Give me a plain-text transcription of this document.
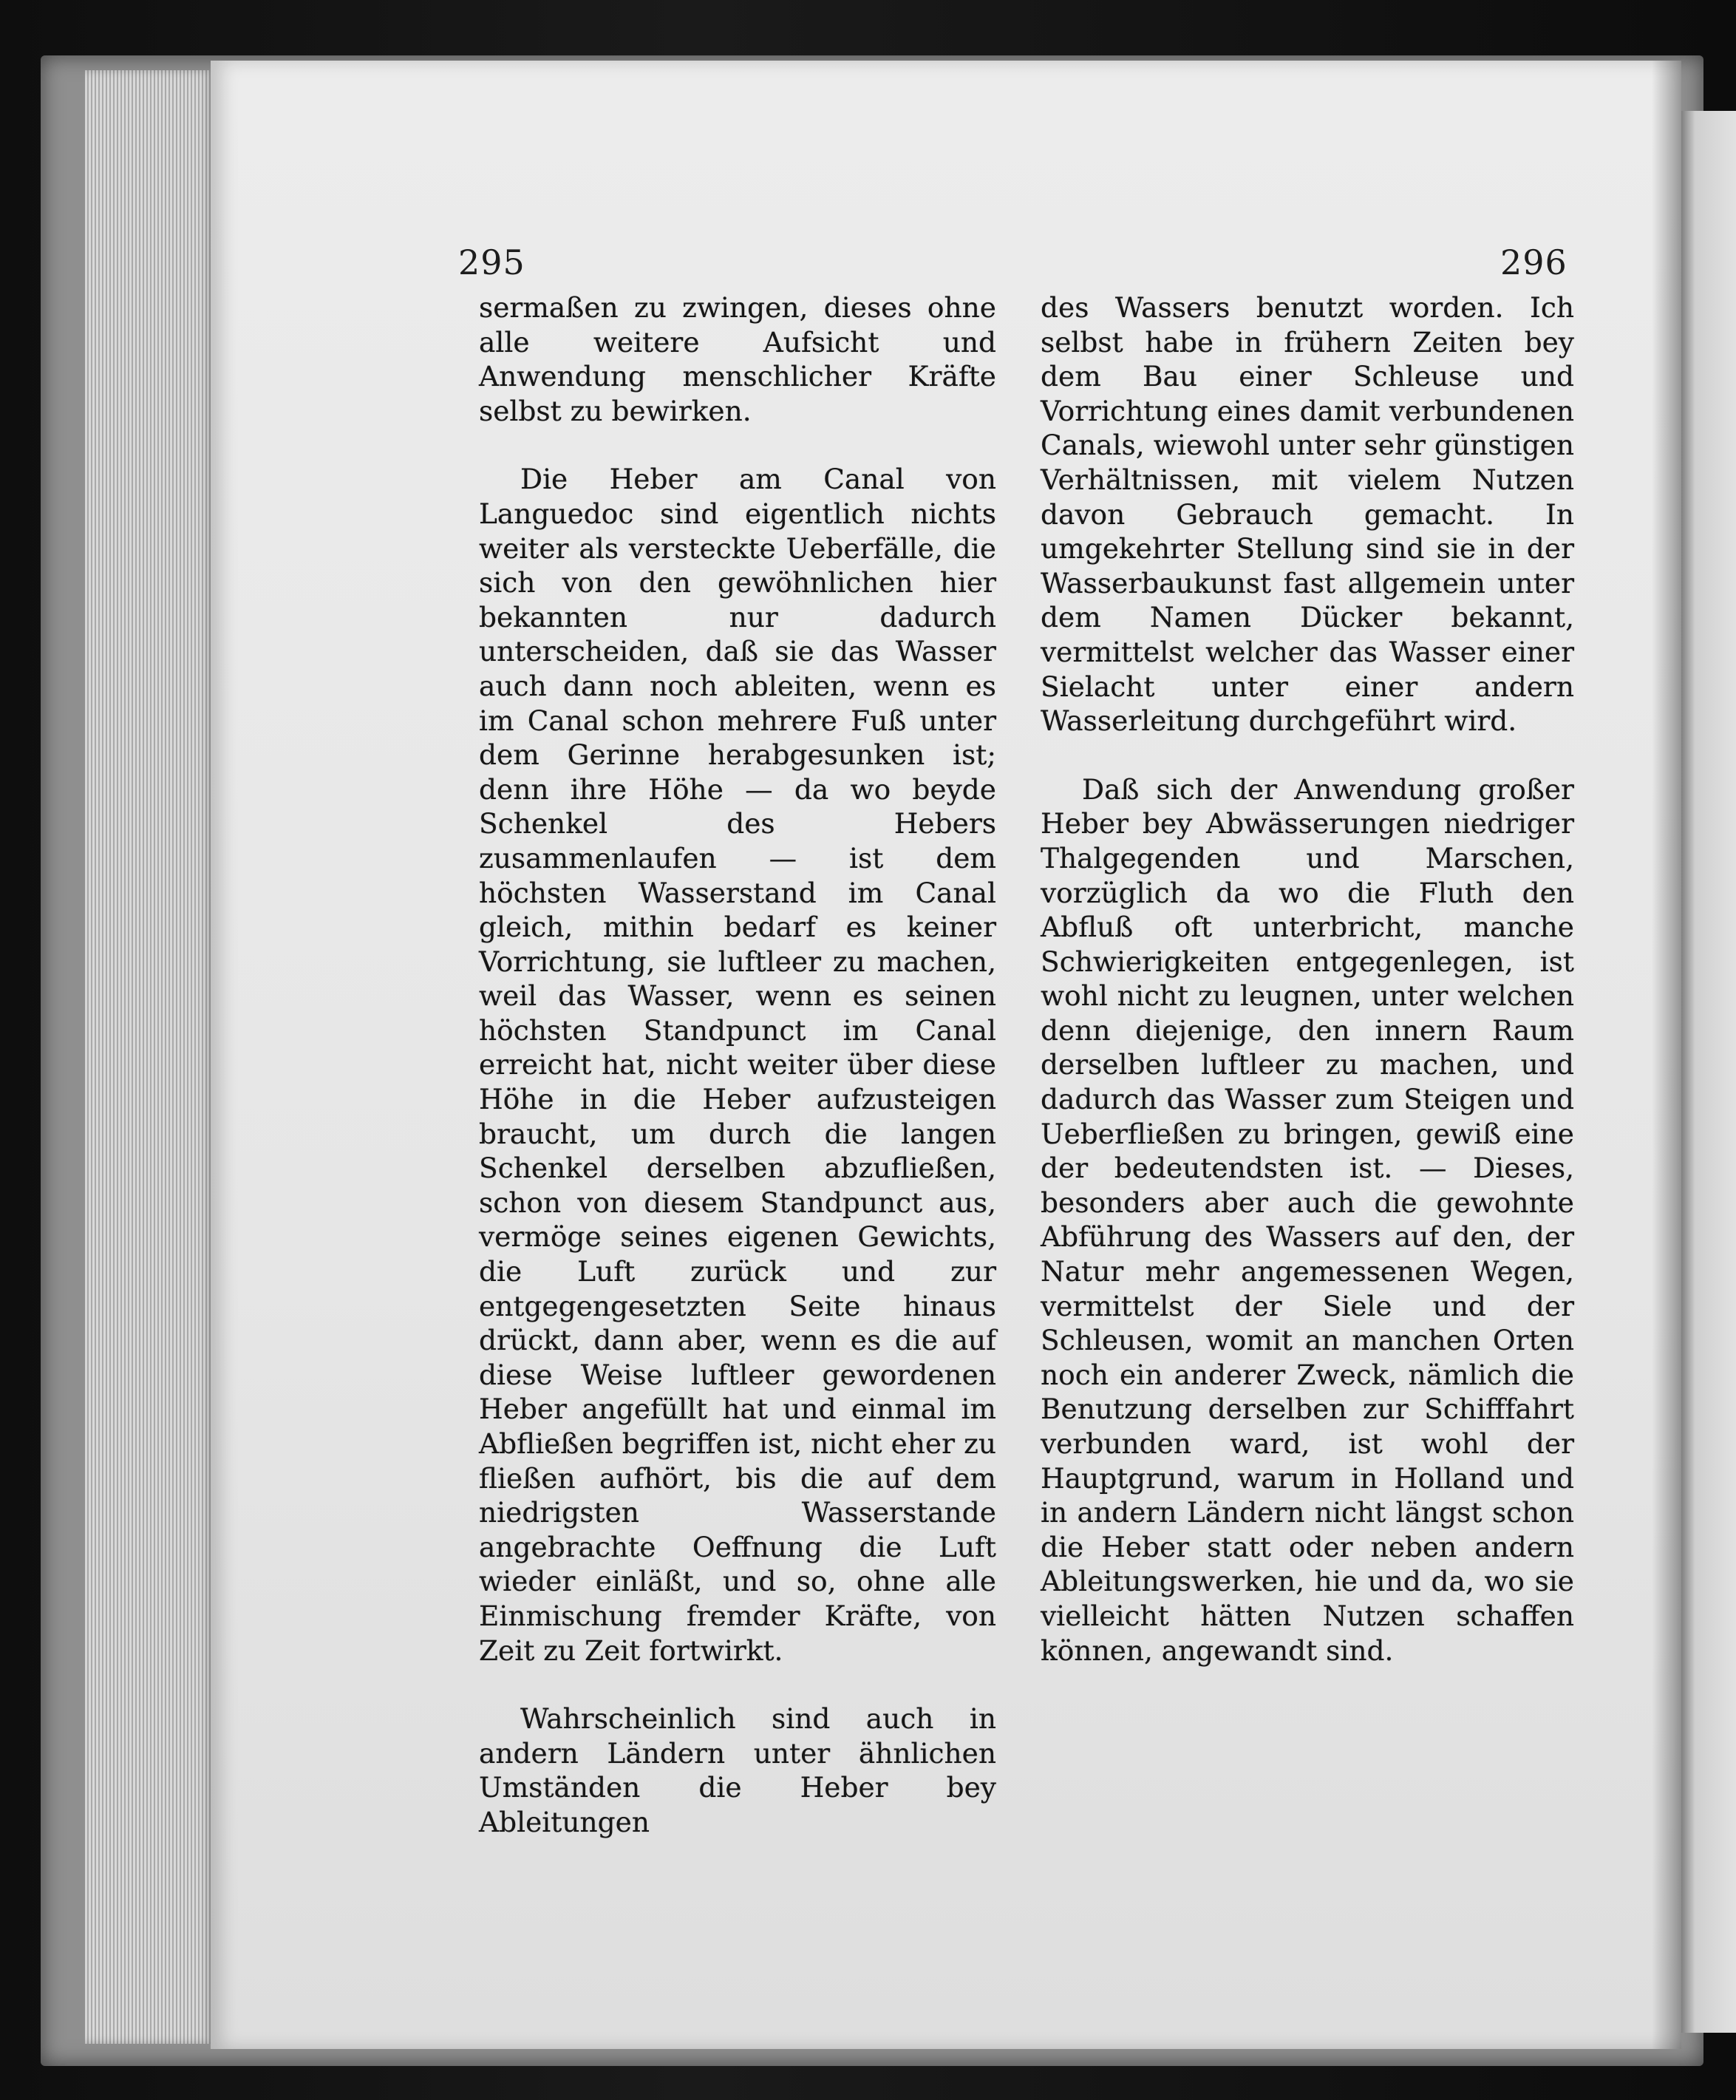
295	296

sermaßen zu zwingen, dieses ohne alle weitere Aufsicht und Anwendung menschlicher Kräfte selbst zu bewirken.

Die Heber am Canal von Languedoc sind eigentlich nichts weiter als versteckte Ueberfälle, die sich von den gewöhnlichen hier bekannten nur dadurch unterscheiden, daß sie das Wasser auch dann noch ableiten, wenn es im Canal schon mehrere Fuß unter dem Gerinne herabgesunken ist; denn ihre Höhe — da wo beyde Schenkel des Hebers zusammenlaufen — ist dem höchsten Wasserstand im Canal gleich, mithin bedarf es keiner Vorrichtung, sie luftleer zu machen, weil das Wasser, wenn es seinen höchsten Standpunct im Canal erreicht hat, nicht weiter über diese Höhe in die Heber aufzusteigen braucht, um durch die langen Schenkel derselben abzufließen, schon von diesem Standpunct aus, vermöge seines eigenen Gewichts, die Luft zurück und zur entgegengesetzten Seite hinaus drückt, dann aber, wenn es die auf diese Weise luftleer gewordenen Heber angefüllt hat und einmal im Abfließen begriffen ist, nicht eher zu fließen aufhört, bis die auf dem niedrigsten Wasserstande angebrachte Oeffnung die Luft wieder einläßt, und so, ohne alle Einmischung fremder Kräfte, von Zeit zu Zeit fortwirkt.

Wahrscheinlich sind auch in andern Ländern unter ähnlichen Umständen die Heber bey Ableitungen

des Wassers benutzt worden. Ich selbst habe in frühern Zeiten bey dem Bau einer Schleuse und Vorrichtung eines damit verbundenen Canals, wiewohl unter sehr günstigen Verhältnissen, mit vielem Nutzen davon Gebrauch gemacht. In umgekehrter Stellung sind sie in der Wasserbaukunst fast allgemein unter dem Namen Dücker bekannt, vermittelst welcher das Wasser einer Sielacht unter einer andern Wasserleitung durchgeführt wird.

Daß sich der Anwendung großer Heber bey Abwässerungen niedriger Thalgegenden und Marschen, vorzüglich da wo die Fluth den Abfluß oft unterbricht, manche Schwierigkeiten entgegenlegen, ist wohl nicht zu leugnen, unter welchen denn diejenige, den innern Raum derselben luftleer zu machen, und dadurch das Wasser zum Steigen und Ueberfließen zu bringen, gewiß eine der bedeutendsten ist. — Dieses, besonders aber auch die gewohnte Abführung des Wassers auf den, der Natur mehr angemessenen Wegen, vermittelst der Siele und der Schleusen, womit an manchen Orten noch ein anderer Zweck, nämlich die Benutzung derselben zur Schifffahrt verbunden ward, ist wohl der Hauptgrund, warum in Holland und in andern Ländern nicht längst schon die Heber statt oder neben andern Ableitungswerken, hie und da, wo sie vielleicht hätten Nutzen schaffen können, angewandt sind.
